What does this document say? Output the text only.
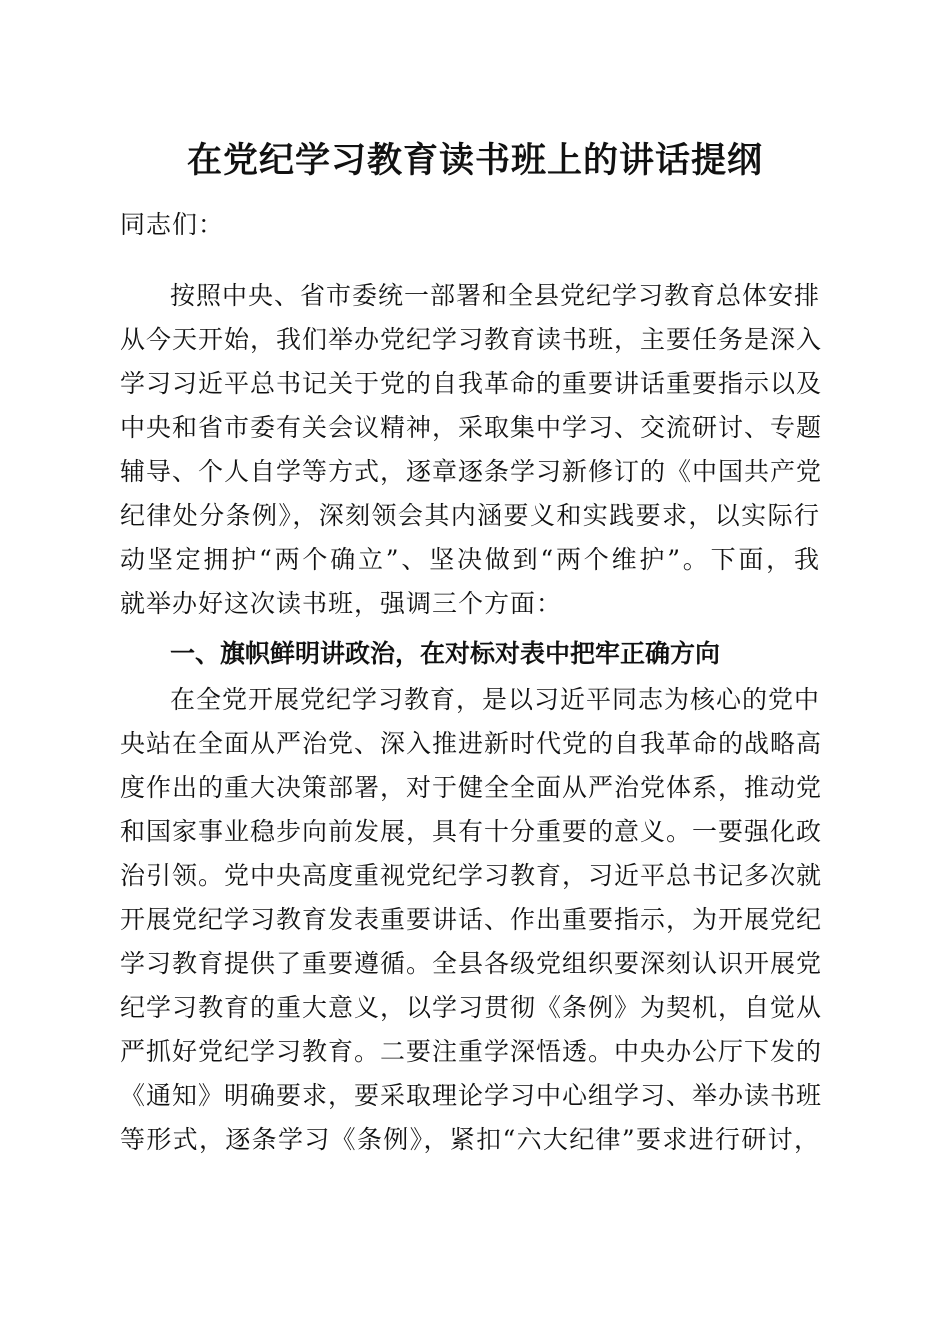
在党纪学习教育读书班上的讲话提纲
同志们：
按照中央、省市委统一部署和全县党纪学习教育总体安排
从今天开始，我们举办党纪学习教育读书班，主要任务是深入
学习习近平总书记关于党的自我革命的重要讲话重要指示以及
中央和省市委有关会议精神，采取集中学习、交流研讨、专题
辅导、个人自学等方式，逐章逐条学习新修订的《中国共产党
纪律处分条例》，深刻领会其内涵要义和实践要求，以实际行
动坚定拥护“两个确立”、坚决做到“两个维护”。下面，我
就举办好这次读书班，强调三个方面：
一、旗帜鲜明讲政治，在对标对表中把牢正确方向
在全党开展党纪学习教育，是以习近平同志为核心的党中
央站在全面从严治党、深入推进新时代党的自我革命的战略高
度作出的重大决策部署，对于健全全面从严治党体系，推动党
和国家事业稳步向前发展，具有十分重要的意义。一要强化政
治引领。党中央高度重视党纪学习教育，习近平总书记多次就
开展党纪学习教育发表重要讲话、作出重要指示，为开展党纪
学习教育提供了重要遵循。全县各级党组织要深刻认识开展党
纪学习教育的重大意义，以学习贯彻《条例》为契机，自觉从
严抓好党纪学习教育。二要注重学深悟透。中央办公厅下发的
《通知》明确要求，要采取理论学习中心组学习、举办读书班
等形式，逐条学习《条例》，紧扣“六大纪律”要求进行研讨，
